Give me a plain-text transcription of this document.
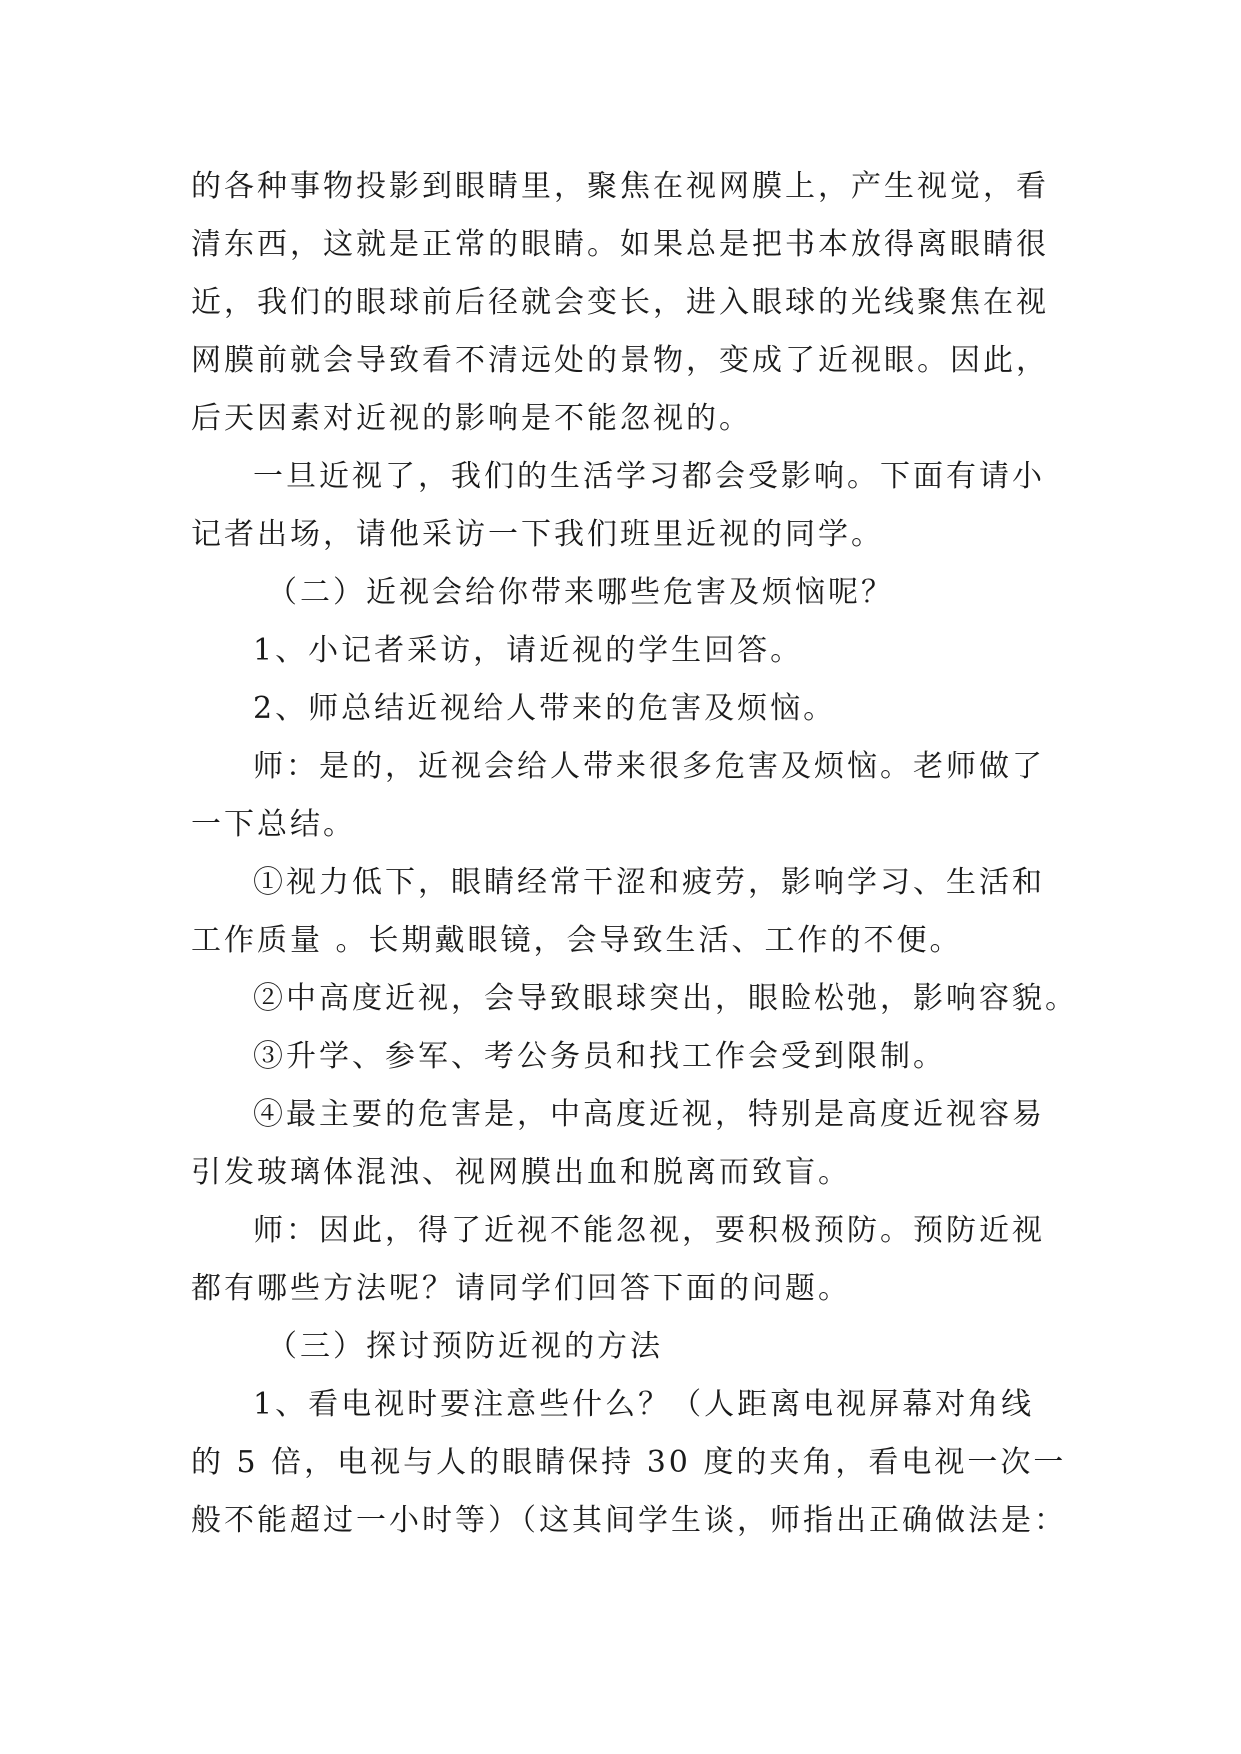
的各种事物投影到眼睛里，聚焦在视网膜上，产生视觉，看
清东西，这就是正常的眼睛。如果总是把书本放得离眼睛很
近，我们的眼球前后径就会变长，进入眼球的光线聚焦在视
网膜前就会导致看不清远处的景物，变成了近视眼。因此，
后天因素对近视的影响是不能忽视的。
一旦近视了，我们的生活学习都会受影响。下面有请小
记者出场，请他采访一下我们班里近视的同学。
（二）近视会给你带来哪些危害及烦恼呢？
1、小记者采访，请近视的学生回答。
2、师总结近视给人带来的危害及烦恼。
师：是的，近视会给人带来很多危害及烦恼。老师做了
一下总结。
①视力低下，眼睛经常干涩和疲劳，影响学习、生活和
工作质量 。长期戴眼镜，会导致生活、工作的不便。
②中高度近视，会导致眼球突出，眼睑松弛，影响容貌。
③升学、参军、考公务员和找工作会受到限制。
④最主要的危害是，中高度近视，特别是高度近视容易
引发玻璃体混浊、视网膜出血和脱离而致盲。
师：因此，得了近视不能忽视，要积极预防。预防近视
都有哪些方法呢？请同学们回答下面的问题。
（三）探讨预防近视的方法
1、看电视时要注意些什么？（人距离电视屏幕对角线
的 5 倍，电视与人的眼睛保持 30 度的夹角，看电视一次一
般不能超过一小时等）（这其间学生谈，师指出正确做法是：
